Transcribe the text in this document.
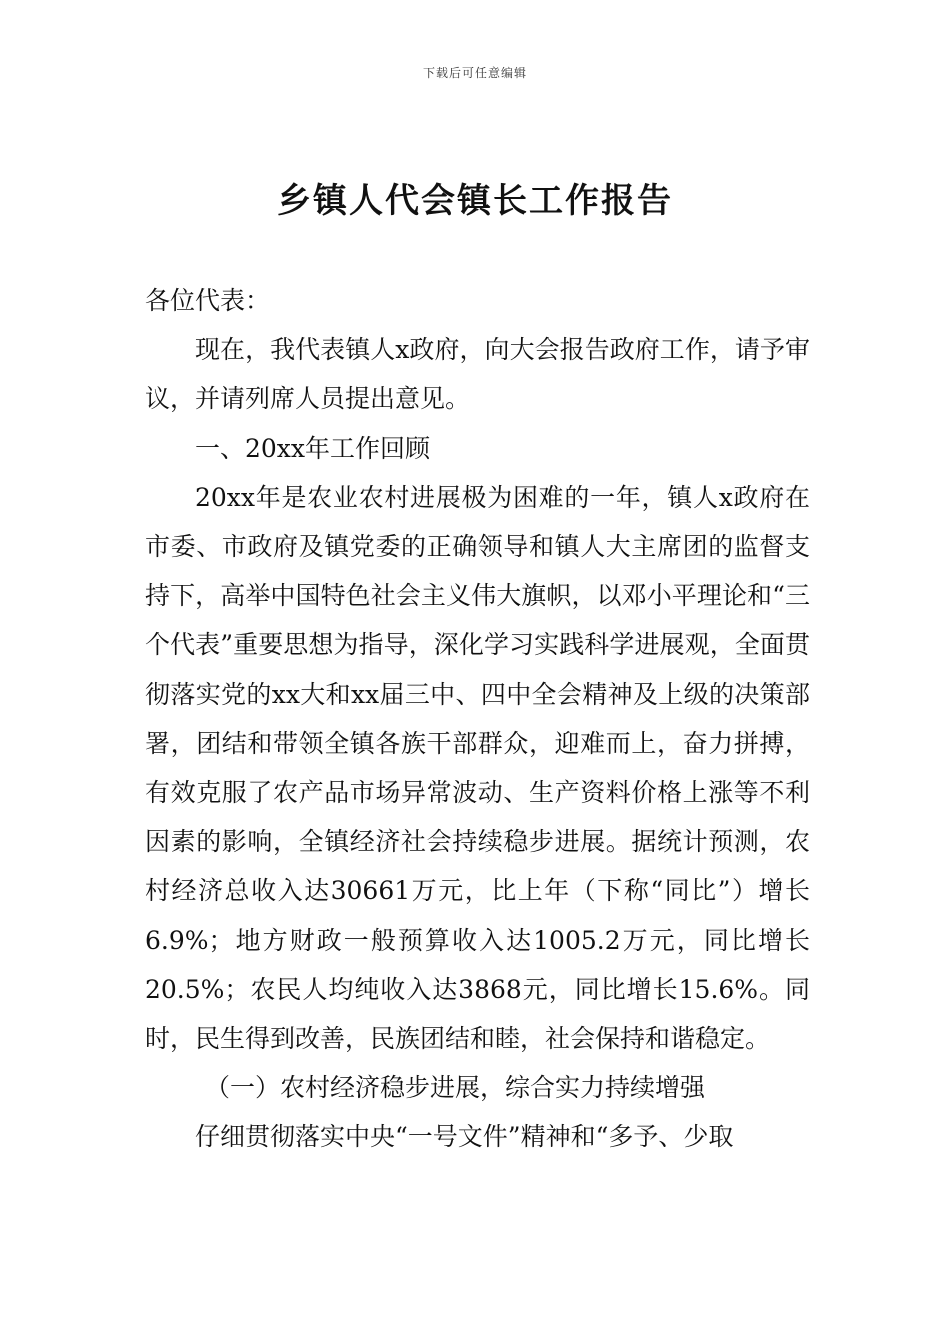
下载后可任意编辑
乡镇人代会镇长工作报告

各位代表：

现在，我代表镇人x政府，向大会报告政府工作，请予审议，并请列席人员提出意见。

一、20xx年工作回顾

20xx年是农业农村进展极为困难的一年，镇人x政府在市委、市政府及镇党委的正确领导和镇人大主席团的监督支持下，高举中国特色社会主义伟大旗帜，以邓小平理论和“三个代表”重要思想为指导，深化学习实践科学进展观，全面贯彻落实党的xx大和xx届三中、四中全会精神及上级的决策部署，团结和带领全镇各族干部群众，迎难而上，奋力拼搏，有效克服了农产品市场异常波动、生产资料价格上涨等不利因素的影响，全镇经济社会持续稳步进展。据统计预测，农村经济总收入达30661万元，比上年（下称“同比”）增长6.9%；地方财政一般预算收入达1005.2万元，同比增长20.5%；农民人均纯收入达3868元，同比增长15.6%。同时，民生得到改善，民族团结和睦，社会保持和谐稳定。

（一）农村经济稳步进展，综合实力持续增强

仔细贯彻落实中央“一号文件”精神和“多予、少取
